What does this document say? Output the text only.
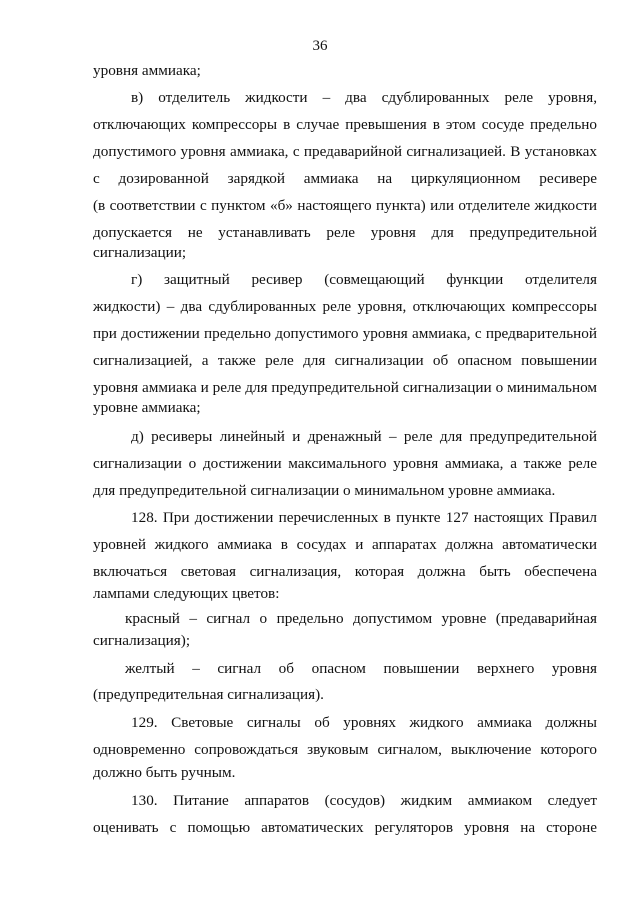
36
уровня аммиака;
в) отделитель жидкости – два сдублированных реле уровня,
отключающих компрессоры в случае превышения в этом сосуде предельно
допустимого уровня аммиака, с предаварийной сигнализацией. В установках
с дозированной зарядкой аммиака на циркуляционном ресивере
(в соответствии с пунктом «б» настоящего пункта) или отделителе жидкости
допускается не устанавливать реле уровня для предупредительной
сигнализации;
г) защитный ресивер (совмещающий функции отделителя
жидкости) – два сдублированных реле уровня, отключающих компрессоры
при достижении предельно допустимого уровня аммиака, с предварительной
сигнализацией, а также реле для сигнализации об опасном повышении
уровня аммиака и реле для предупредительной сигнализации о минимальном
уровне аммиака;
д) ресиверы линейный и дренажный – реле для предупредительной
сигнализации о достижении максимального уровня аммиака, а также реле
для предупредительной сигнализации о минимальном уровне аммиака.
128. При достижении перечисленных в пункте 127 настоящих Правил
уровней жидкого аммиака в сосудах и аппаратах должна автоматически
включаться световая сигнализация, которая должна быть обеспечена
лампами следующих цветов:
красный – сигнал о предельно допустимом уровне (предаварийная
сигнализация);
желтый – сигнал об опасном повышении верхнего уровня
(предупредительная сигнализация).
129. Световые сигналы об уровнях жидкого аммиака должны
одновременно сопровождаться звуковым сигналом, выключение которого
должно быть ручным.
130. Питание аппаратов (сосудов) жидким аммиаком следует
оценивать с помощью автоматических регуляторов уровня на стороне
